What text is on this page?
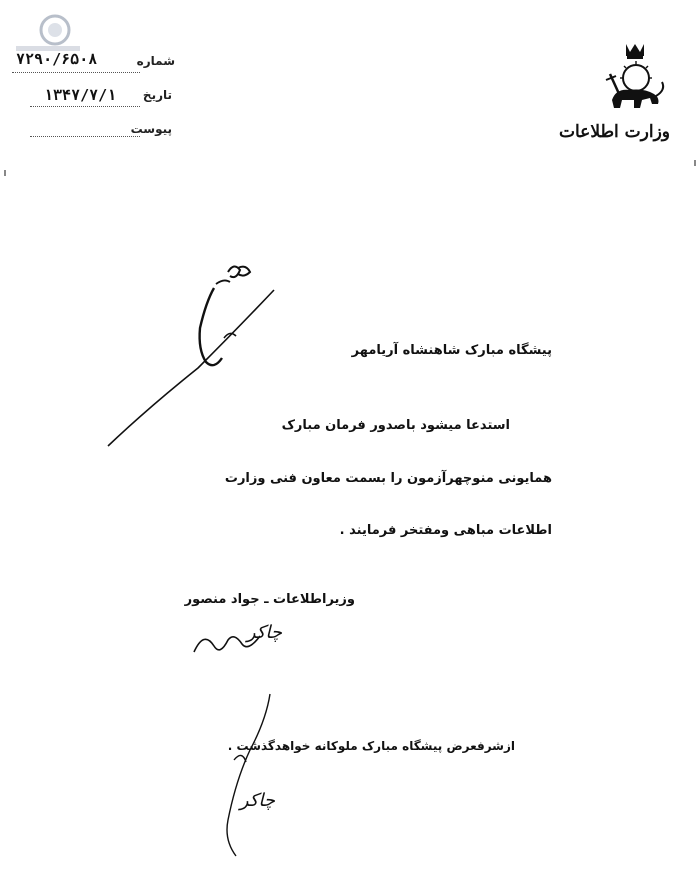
شماره
۷۲۹۰/۶۵۰۸
تاریخ
۱۳۴۷/۷/۱
پیوست	وزارت اطلاعات
پیشگاه مبارک شاهنشاه آریامهر
استدعا میشود باصدور فرمان مبارک
همایونی منوچهرآزمون را بسمت معاون فنی وزارت
اطلاعات مباهی ومفتخر فرمایند .
وزیراطلاعات ـ جواد منصور
چاکر
ازشرفعرض پیشگاه مبارک ملوکانه خواهدگذشت .
چاکر
